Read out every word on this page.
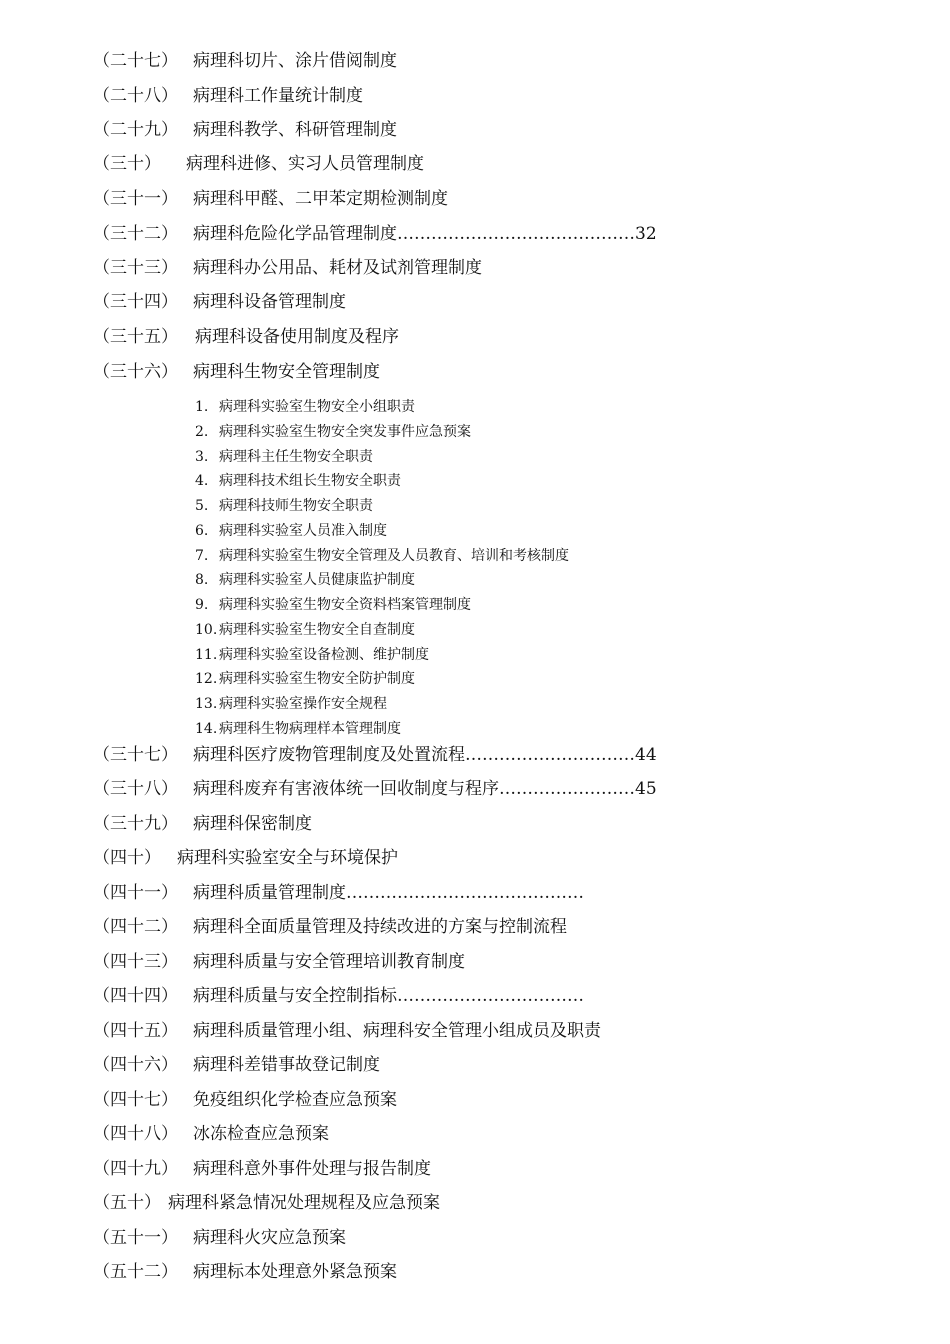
（二十七） 病理科切片、涂片借阅制度
（二十八） 病理科工作量统计制度
（二十九） 病理科教学、科研管理制度
（三十） 病理科进修、实习人员管理制度
（三十一） 病理科甲醛、二甲苯定期检测制度
（三十二） 病理科危险化学品管理制度……………………………………32
（三十三） 病理科办公用品、耗材及试剂管理制度
（三十四） 病理科设备管理制度
（三十五） 病理科设备使用制度及程序
（三十六） 病理科生物安全管理制度
1. 病理科实验室生物安全小组职责
2. 病理科实验室生物安全突发事件应急预案
3. 病理科主任生物安全职责
4. 病理科技术组长生物安全职责
5. 病理科技师生物安全职责
6. 病理科实验室人员准入制度
7. 病理科实验室生物安全管理及人员教育、培训和考核制度
8. 病理科实验室人员健康监护制度
9. 病理科实验室生物安全资料档案管理制度
10. 病理科实验室生物安全自查制度
11. 病理科实验室设备检测、维护制度
12. 病理科实验室生物安全防护制度
13. 病理科实验室操作安全规程
14. 病理科生物病理样本管理制度
（三十七） 病理科医疗废物管理制度及处置流程…………………………44
（三十八） 病理科废弃有害液体统一回收制度与程序……………………45
（三十九） 病理科保密制度
（四十） 病理科实验室安全与环境保护
（四十一） 病理科质量管理制度……………………………………
（四十二） 病理科全面质量管理及持续改进的方案与控制流程
（四十三） 病理科质量与安全管理培训教育制度
（四十四） 病理科质量与安全控制指标……………………………
（四十五） 病理科质量管理小组、病理科安全管理小组成员及职责
（四十六） 病理科差错事故登记制度
（四十七） 免疫组织化学检查应急预案
（四十八） 冰冻检查应急预案
（四十九） 病理科意外事件处理与报告制度
（五十） 病理科紧急情况处理规程及应急预案
（五十一） 病理科火灾应急预案
（五十二） 病理标本处理意外紧急预案
